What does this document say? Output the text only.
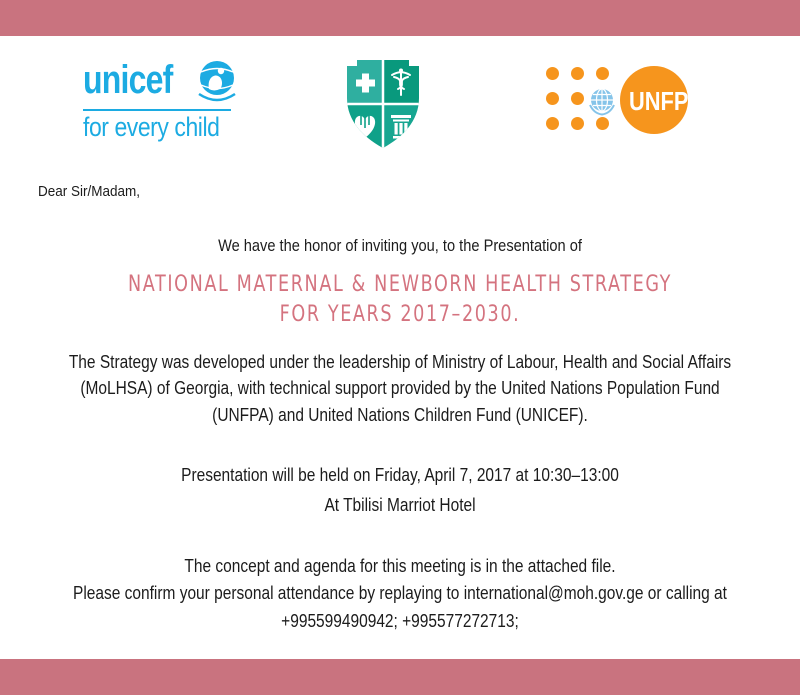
unicef
for every child
UNFPA
Dear Sir/Madam,
We have the honor of inviting you, to the Presentation of
NATIONAL MATERNAL & NEWBORN HEALTH STRATEGY
FOR YEARS 2017–2030.
The Strategy was developed under the leadership of Ministry of Labour, Health and Social Affairs
(MoLHSA) of Georgia, with technical support provided by the United Nations Population Fund
(UNFPA) and United Nations Children Fund (UNICEF).
Presentation will be held on Friday, April 7, 2017 at 10:30–13:00
At Tbilisi Marriot Hotel
The concept and agenda for this meeting is in the attached file.
Please confirm your personal attendance by replaying to international@moh.gov.ge or calling at
+995599490942; +995577272713;
